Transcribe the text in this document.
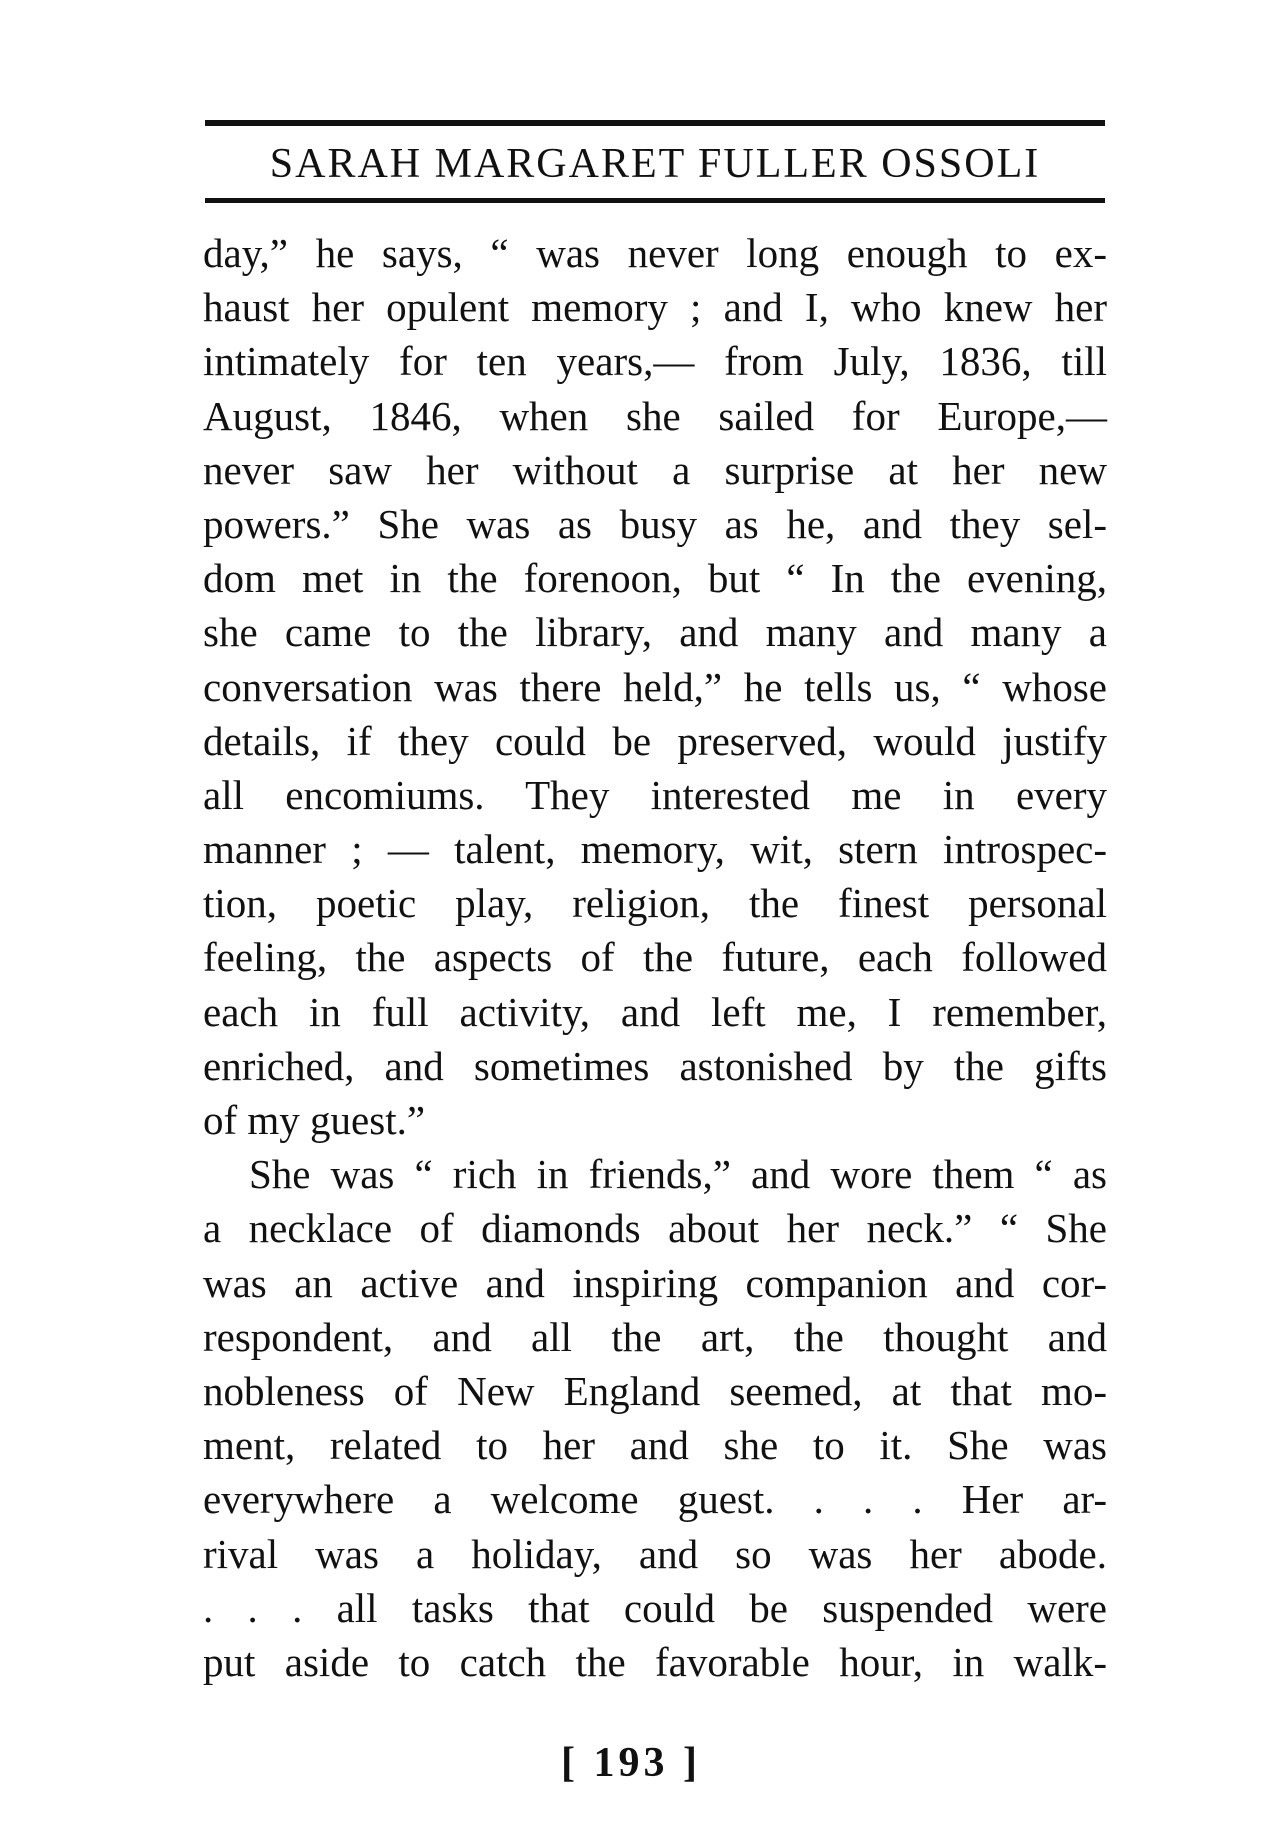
SARAH MARGARET FULLER OSSOLI
day,” he says, “ was never long enough to ex-
haust her opulent memory ; and I, who knew her
intimately for ten years,— from July, 1836, till
August, 1846, when she sailed for Europe,—
never saw her without a surprise at her new
powers.” She was as busy as he, and they sel-
dom met in the forenoon, but “ In the evening,
she came to the library, and many and many a
conversation was there held,” he tells us, “ whose
details, if they could be preserved, would justify
all encomiums. They interested me in every
manner ; — talent, memory, wit, stern introspec-
tion, poetic play, religion, the finest personal
feeling, the aspects of the future, each followed
each in full activity, and left me, I remember,
enriched, and sometimes astonished by the gifts
of my guest.”
She was “ rich in friends,” and wore them “ as
a necklace of diamonds about her neck.” “ She
was an active and inspiring companion and cor-
respondent, and all the art, the thought and
nobleness of New England seemed, at that mo-
ment, related to her and she to it. She was
everywhere a welcome guest. . . . Her ar-
rival was a holiday, and so was her abode.
. . . all tasks that could be suspended were
put aside to catch the favorable hour, in walk-
[ 193 ]
